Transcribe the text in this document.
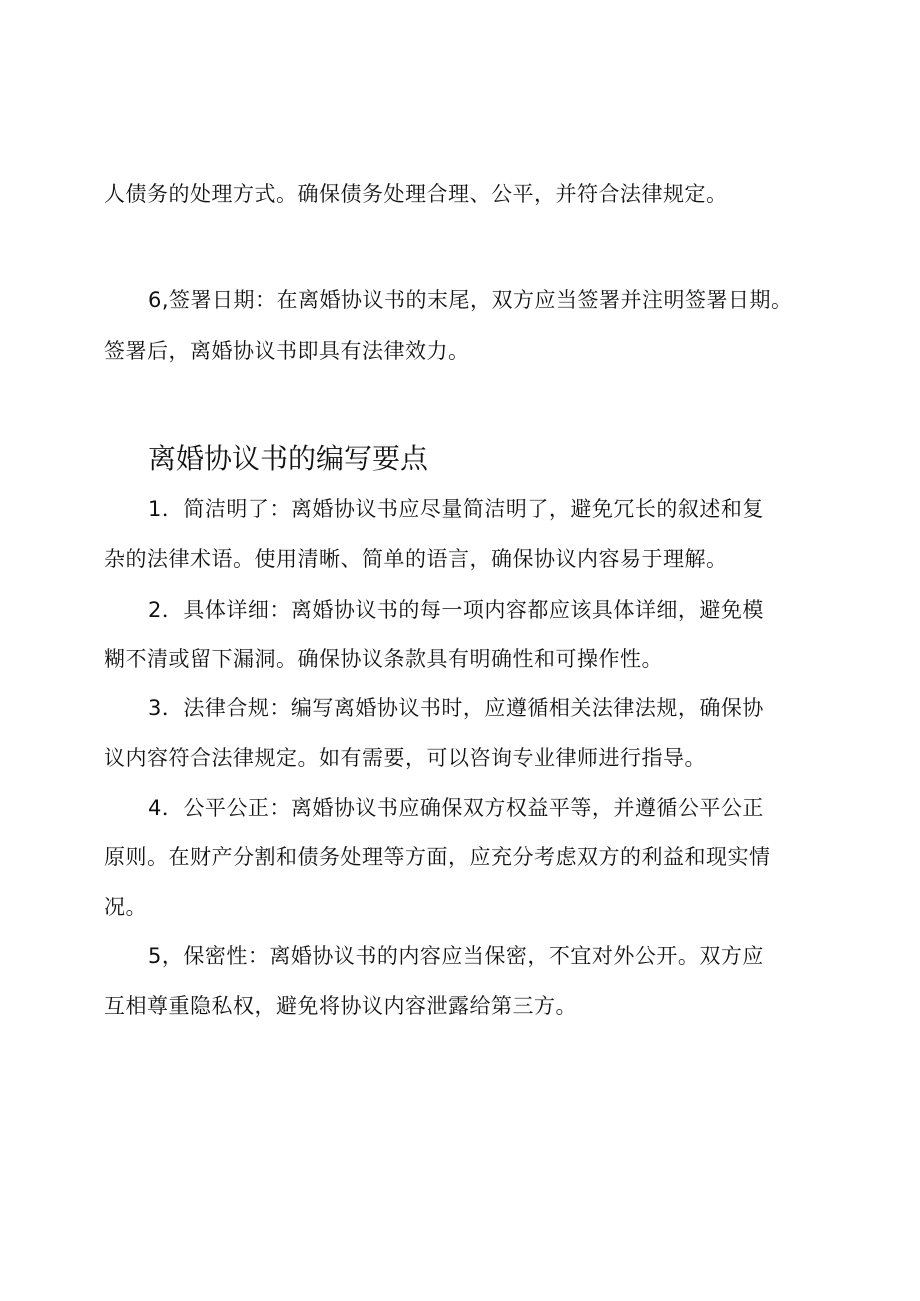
人债务的处理方式。确保债务处理合理、公平，并符合法律规定。
6,签署日期：在离婚协议书的末尾，双方应当签署并注明签署日期。
签署后，离婚协议书即具有法律效力。
离婚协议书的编写要点
1．简洁明了：离婚协议书应尽量简洁明了，避免冗长的叙述和复
杂的法律术语。使用清晰、简单的语言，确保协议内容易于理解。
2．具体详细：离婚协议书的每一项内容都应该具体详细，避免模
糊不清或留下漏洞。确保协议条款具有明确性和可操作性。
3．法律合规：编写离婚协议书时，应遵循相关法律法规，确保协
议内容符合法律规定。如有需要，可以咨询专业律师进行指导。
4．公平公正：离婚协议书应确保双方权益平等，并遵循公平公正
原则。在财产分割和债务处理等方面，应充分考虑双方的利益和现实情
况。
5，保密性：离婚协议书的内容应当保密，不宜对外公开。双方应
互相尊重隐私权，避免将协议内容泄露给第三方。
